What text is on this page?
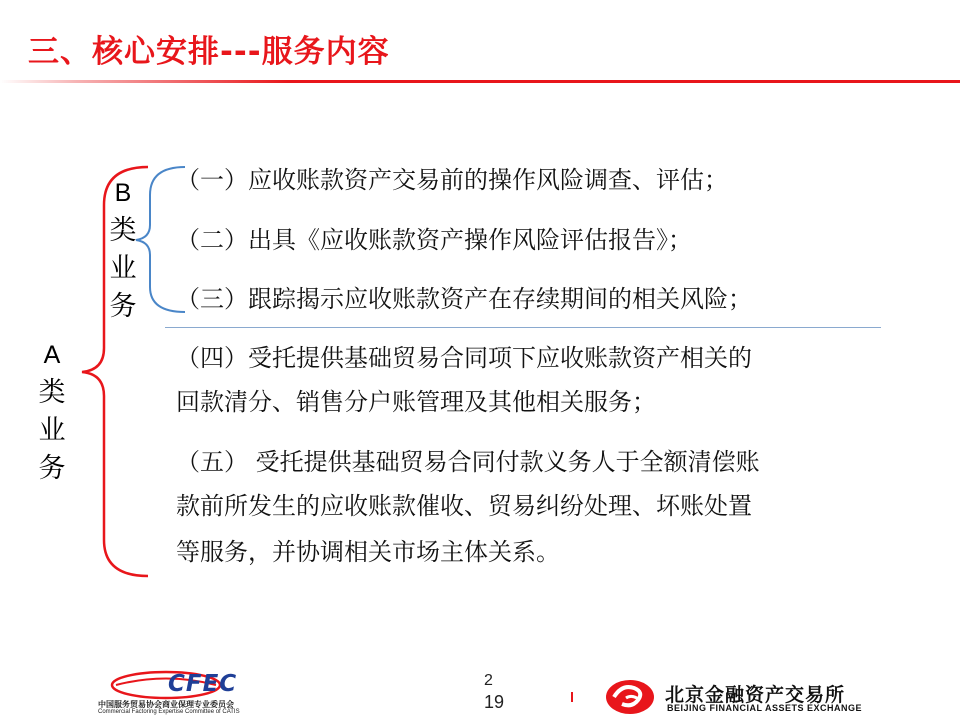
三、核心安排---服务内容
B
类
业
务
A
类
业
务
（一）应收账款资产交易前的操作风险调查、评估；
（二）出具《应收账款资产操作风险评估报告》；
（三）跟踪揭示应收账款资产在存续期间的相关风险；
（四）受托提供基础贸易合同项下应收账款资产相关的
回款清分、销售分户账管理及其他相关服务；
（五） 受托提供基础贸易合同付款义务人于全额清偿账
款前所发生的应收账款催收、贸易纠纷处理、坏账处置
等服务，并协调相关市场主体关系。
CFEC
中国服务贸易协会商业保理专业委员会
Commercial Factoring Expertise Committee of CATIS
2
19	北京金融资产交易所
BEIJING FINANCIAL ASSETS EXCHANGE
